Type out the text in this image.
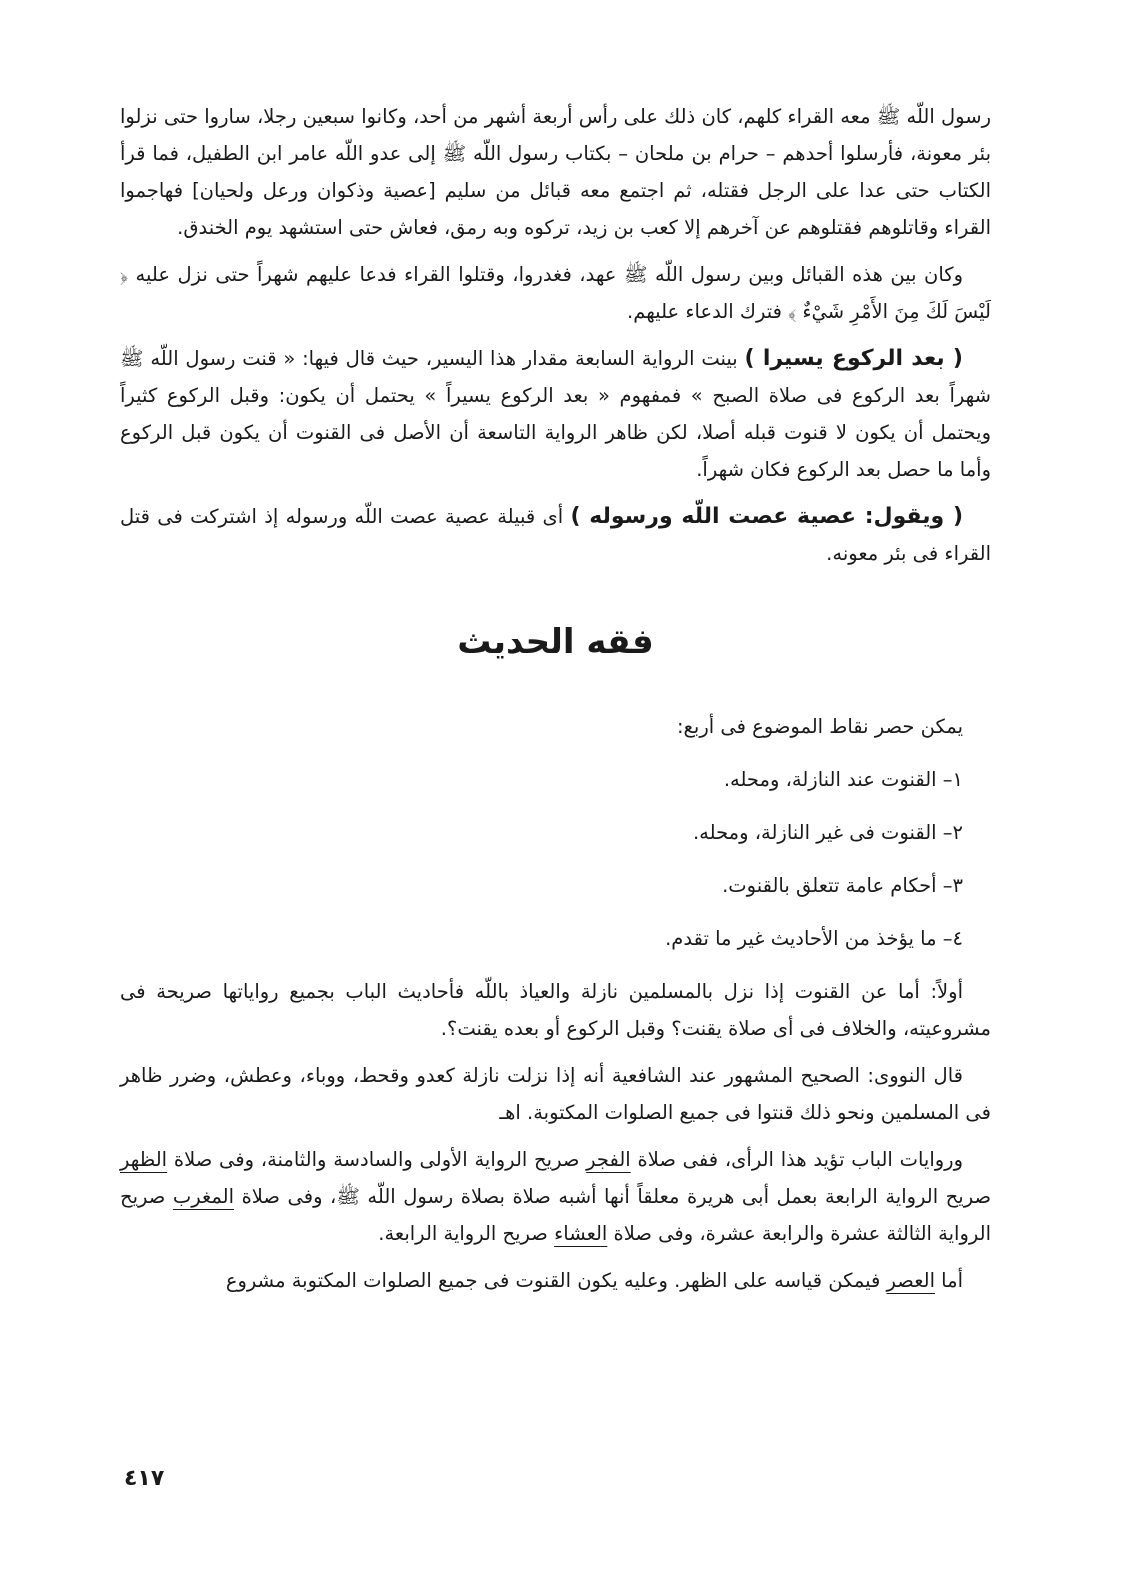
رسول اللّه ﷺ معه القراء كلهم، كان ذلك على رأس أربعة أشهر من أحد، وكانوا سبعين رجلا، ساروا حتى نزلوا بئر معونة، فأرسلوا أحدهم – حرام بن ملحان – بكتاب رسول اللّه ﷺ إلى عدو اللّه عامر ابن الطفيل، فما قرأ الكتاب حتى عدا على الرجل فقتله، ثم اجتمع معه قبائل من سليم [عصية وذكوان ورعل ولحيان] فهاجموا القراء وقاتلوهم فقتلوهم عن آخرهم إلا كعب بن زيد، تركوه وبه رمق، فعاش حتى استشهد يوم الخندق.

وكان بين هذه القبائل وبين رسول اللّه ﷺ عهد، فغدروا، وقتلوا القراء فدعا عليهم شهراً حتى نزل عليه ﴿ لَيْسَ لَكَ مِنَ الأَمْرِ شَيْءٌ ﴾ فترك الدعاء عليهم.

( بعد الركوع يسيرا ) بينت الرواية السابعة مقدار هذا اليسير، حيث قال فيها: « قنت رسول اللّه ﷺ شهراً بعد الركوع فى صلاة الصبح » فمفهوم « بعد الركوع يسيراً » يحتمل أن يكون: وقبل الركوع كثيراً ويحتمل أن يكون لا قنوت قبله أصلا، لكن ظاهر الرواية التاسعة أن الأصل فى القنوت أن يكون قبل الركوع وأما ما حصل بعد الركوع فكان شهراً.

( ويقول: عصية عصت اللّه ورسوله ) أى قبيلة عصية عصت اللّه ورسوله إذ اشتركت فى قتل القراء فى بئر معونه.

فقه الحديث

يمكن حصر نقاط الموضوع فى أربع:

١– القنوت عند النازلة، ومحله.

٢– القنوت فى غير النازلة، ومحله.

٣– أحكام عامة تتعلق بالقنوت.

٤– ما يؤخذ من الأحاديث غير ما تقدم.

أولاً: أما عن القنوت إذا نزل بالمسلمين نازلة والعياذ باللّه فأحاديث الباب بجميع رواياتها صريحة فى مشروعيته، والخلاف فى أى صلاة يقنت؟ وقبل الركوع أو بعده يقنت؟.

قال النووى: الصحيح المشهور عند الشافعية أنه إذا نزلت نازلة كعدو وقحط، ووباء، وعطش، وضرر ظاهر فى المسلمين ونحو ذلك قنتوا فى جميع الصلوات المكتوبة. اهـ

وروايات الباب تؤيد هذا الرأى، ففى صلاة الفجر صريح الرواية الأولى والسادسة والثامنة، وفى صلاة الظهر صريح الرواية الرابعة بعمل أبى هريرة معلقاً أنها أشبه صلاة بصلاة رسول اللّه ﷺ، وفى صلاة المغرب صريح الرواية الثالثة عشرة والرابعة عشرة، وفى صلاة العشاء صريح الرواية الرابعة.

أما العصر فيمكن قياسه على الظهر. وعليه يكون القنوت فى جميع الصلوات المكتوبة مشروع

٤١٧
